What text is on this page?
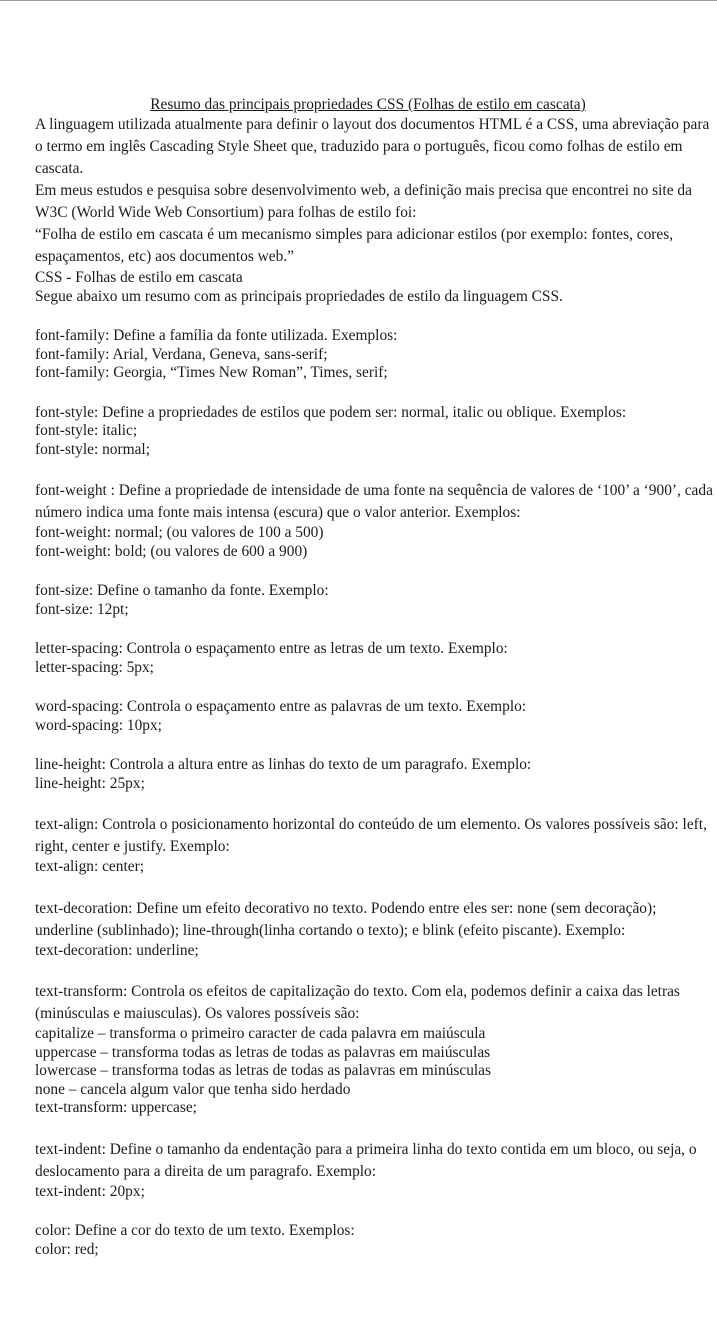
Resumo das principais propriedades CSS (Folhas de estilo em cascata)

A linguagem utilizada atualmente para definir o layout dos documentos HTML é a CSS, uma abreviação para o termo em inglês Cascading Style Sheet que, traduzido para o português, ficou como folhas de estilo em cascata.

Em meus estudos e pesquisa sobre desenvolvimento web, a definição mais precisa que encontrei no site da W3C (World Wide Web Consortium) para folhas de estilo foi:

“Folha de estilo em cascata é um mecanismo simples para adicionar estilos (por exemplo: fontes, cores, espaçamentos, etc) aos documentos web.”

CSS - Folhas de estilo em cascata

Segue abaixo um resumo com as principais propriedades de estilo da linguagem CSS.

font-family: Define a família da fonte utilizada. Exemplos:
font-family: Arial, Verdana, Geneva, sans-serif;
font-family: Georgia, “Times New Roman”, Times, serif;
font-style: Define a propriedades de estilos que podem ser: normal, italic ou oblique. Exemplos:
font-style: italic;
font-style: normal;
font-weight : Define a propriedade de intensidade de uma fonte na sequência de valores de ‘100’ a ‘900’, cada número indica uma fonte mais intensa (escura) que o valor anterior. Exemplos:
font-weight: normal; (ou valores de 100 a 500)
font-weight: bold; (ou valores de 600 a 900)
font-size: Define o tamanho da fonte. Exemplo:
font-size: 12pt;
letter-spacing: Controla o espaçamento entre as letras de um texto. Exemplo:
letter-spacing: 5px;
word-spacing: Controla o espaçamento entre as palavras de um texto. Exemplo:
word-spacing: 10px;
line-height: Controla a altura entre as linhas do texto de um paragrafo. Exemplo:
line-height: 25px;
text-align: Controla o posicionamento horizontal do conteúdo de um elemento. Os valores possíveis são: left, right, center e justify. Exemplo:
text-align: center;
text-decoration: Define um efeito decorativo no texto. Podendo entre eles ser: none (sem decoração); underline (sublinhado); line-through(linha cortando o texto); e blink (efeito piscante). Exemplo:
text-decoration: underline;
text-transform: Controla os efeitos de capitalização do texto. Com ela, podemos definir a caixa das letras (minúsculas e maiusculas). Os valores possíveis são:
capitalize – transforma o primeiro caracter de cada palavra em maiúscula
uppercase – transforma todas as letras de todas as palavras em maiúsculas
lowercase – transforma todas as letras de todas as palavras em minúsculas
none – cancela algum valor que tenha sido herdado
text-transform: uppercase;
text-indent: Define o tamanho da endentação para a primeira linha do texto contida em um bloco, ou seja, o deslocamento para a direita de um paragrafo. Exemplo:
text-indent: 20px;
color: Define a cor do texto de um texto. Exemplos:
color: red;
